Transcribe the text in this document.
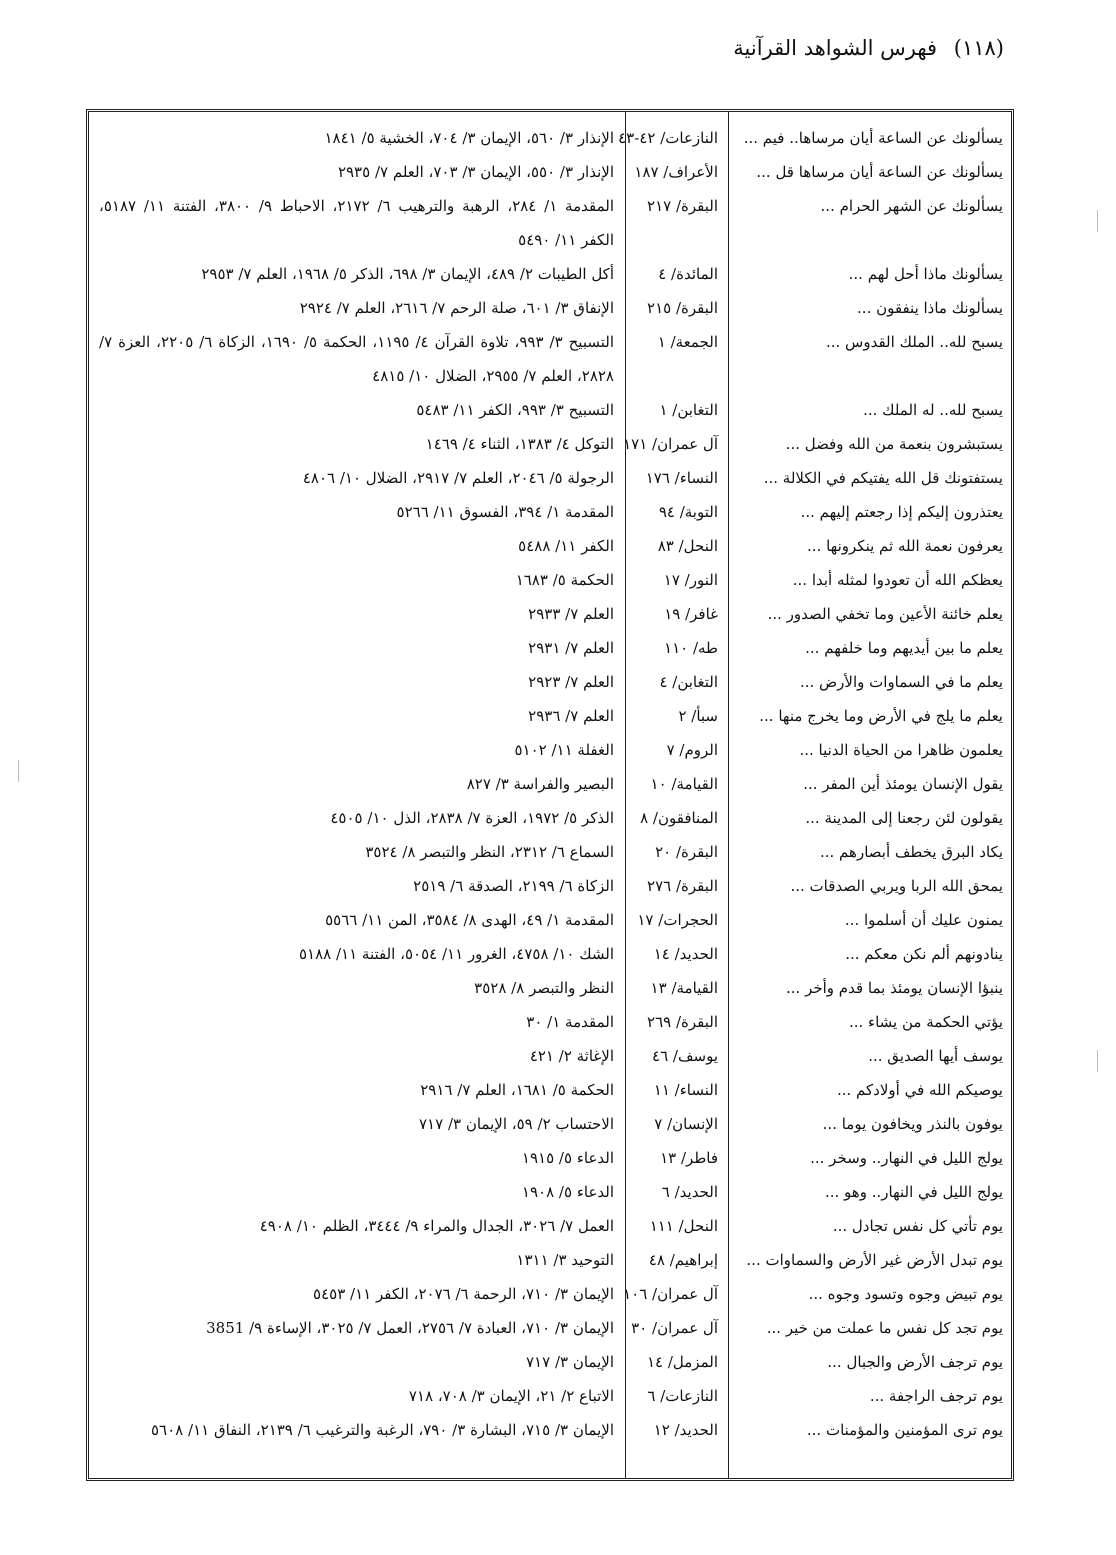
(١١٨) فهرس الشواهد القرآنية
يسألونك عن الساعة أيان مرساها.. فيم ...
النازعات/ ٤٢-٤٣
الإنذار ٣/ ٥٦٠، الإيمان ٣/ ٧٠٤، الخشية ٥/ ١٨٤١
يسألونك عن الساعة أيان مرساها قل ...
الأعراف/ ١٨٧
الإنذار ٣/ ٥٥٠، الإيمان ٣/ ٧٠٣، العلم ٧/ ٢٩٣٥
يسألونك عن الشهر الحرام ...
البقرة/ ٢١٧
المقدمة ١/ ٢٨٤، الرهبة والترهيب ٦/ ٢١٧٢، الاحباط ٩/ ٣٨٠٠، الفتنة ١١/ ٥١٨٧، الكفر ١١/ ٥٤٩٠
يسألونك ماذا أحل لهم ...
المائدة/ ٤
أكل الطيبات ٢/ ٤٨٩، الإيمان ٣/ ٦٩٨، الذكر ٥/ ١٩٦٨، العلم ٧/ ٢٩٥٣
يسألونك ماذا ينفقون ...
البقرة/ ٢١٥
الإنفاق ٣/ ٦٠١، صلة الرحم ٧/ ٢٦١٦، العلم ٧/ ٢٩٢٤
يسبح لله.. الملك القدوس ...
الجمعة/ ١
التسبيح ٣/ ٩٩٣، تلاوة القرآن ٤/ ١١٩٥، الحكمة ٥/ ١٦٩٠، الزكاة ٦/ ٢٢٠٥، العزة ٧/ ٢٨٢٨، العلم ٧/ ٢٩٥٥، الضلال ١٠/ ٤٨١٥
يسبح لله.. له الملك ...
التغابن/ ١
التسبيح ٣/ ٩٩٣، الكفر ١١/ ٥٤٨٣
يستبشرون بنعمة من الله وفضل ...
آل عمران/ ١٧١
التوكل ٤/ ١٣٨٣، الثناء ٤/ ١٤٦٩
يستفتونك قل الله يفتيكم في الكلالة ...
النساء/ ١٧٦
الرجولة ٥/ ٢٠٤٦، العلم ٧/ ٢٩١٧، الضلال ١٠/ ٤٨٠٦
يعتذرون إليكم إذا رجعتم إليهم ...
التوبة/ ٩٤
المقدمة ١/ ٣٩٤، الفسوق ١١/ ٥٢٦٦
يعرفون نعمة الله ثم ينكرونها ...
النحل/ ٨٣
الكفر ١١/ ٥٤٨٨
يعظكم الله أن تعودوا لمثله أبدا ...
النور/ ١٧
الحكمة ٥/ ١٦٨٣
يعلم خائنة الأعين وما تخفي الصدور ...
غافر/ ١٩
العلم ٧/ ٢٩٣٣
يعلم ما بين أيديهم وما خلفهم ...
طه/ ١١٠
العلم ٧/ ٢٩٣١
يعلم ما في السماوات والأرض ...
التغابن/ ٤
العلم ٧/ ٢٩٢٣
يعلم ما يلج في الأرض وما يخرج منها ...
سبأ/ ٢
العلم ٧/ ٢٩٣٦
يعلمون ظاهرا من الحياة الدنيا ...
الروم/ ٧
الغفلة ١١/ ٥١٠٢
يقول الإنسان يومئذ أين المفر ...
القيامة/ ١٠
البصير والفراسة ٣/ ٨٢٧
يقولون لئن رجعنا إلى المدينة ...
المنافقون/ ٨
الذكر ٥/ ١٩٧٢، العزة ٧/ ٢٨٣٨، الذل ١٠/ ٤٥٠٥
يكاد البرق يخطف أبصارهم ...
البقرة/ ٢٠
السماع ٦/ ٢٣١٢، النظر والتبصر ٨/ ٣٥٢٤
يمحق الله الربا ويربي الصدقات ...
البقرة/ ٢٧٦
الزكاة ٦/ ٢١٩٩، الصدقة ٦/ ٢٥١٩
يمنون عليك أن أسلموا ...
الحجرات/ ١٧
المقدمة ١/ ٤٩، الهدى ٨/ ٣٥٨٤، المن ١١/ ٥٥٦٦
ينادونهم ألم نكن معكم ...
الحديد/ ١٤
الشك ١٠/ ٤٧٥٨، الغرور ١١/ ٥٠٥٤، الفتنة ١١/ ٥١٨٨
ينبؤا الإنسان يومئذ بما قدم وأخر ...
القيامة/ ١٣
النظر والتبصر ٨/ ٣٥٢٨
يؤتي الحكمة من يشاء ...
البقرة/ ٢٦٩
المقدمة ١/ ٣٠
يوسف أيها الصديق ...
يوسف/ ٤٦
الإغاثة ٢/ ٤٢١
يوصيكم الله في أولادكم ...
النساء/ ١١
الحكمة ٥/ ١٦٨١، العلم ٧/ ٢٩١٦
يوفون بالنذر ويخافون يوما ...
الإنسان/ ٧
الاحتساب ٢/ ٥٩، الإيمان ٣/ ٧١٧
يولج الليل في النهار.. وسخر ...
فاطر/ ١٣
الدعاء ٥/ ١٩١٥
يولج الليل في النهار.. وهو ...
الحديد/ ٦
الدعاء ٥/ ١٩٠٨
يوم تأتي كل نفس تجادل ...
النحل/ ١١١
العمل ٧/ ٣٠٢٦، الجدال والمراء ٩/ ٣٤٤٤، الظلم ١٠/ ٤٩٠٨
يوم تبدل الأرض غير الأرض والسماوات ...
إبراهيم/ ٤٨
التوحيد ٣/ ١٣١١
يوم تبيض وجوه وتسود وجوه ...
آل عمران/ ١٠٦
الإيمان ٣/ ٧١٠، الرحمة ٦/ ٢٠٧٦، الكفر ١١/ ٥٤٥٣
يوم تجد كل نفس ما عملت من خير ...
آل عمران/ ٣٠
الإيمان ٣/ ٧١٠، العبادة ٧/ ٢٧٥٦، العمل ٧/ ٣٠٢٥، الإساءة ٩/ 3851
يوم ترجف الأرض والجبال ...
المزمل/ ١٤
الإيمان ٣/ ٧١٧
يوم ترجف الراجفة ...
النازعات/ ٦
الاتباع ٢/ ٢١، الإيمان ٣/ ٧٠٨، ٧١٨
يوم ترى المؤمنين والمؤمنات ...
الحديد/ ١٢
الإيمان ٣/ ٧١٥، البشارة ٣/ ٧٩٠، الرغبة والترغيب ٦/ ٢١٣٩، النفاق ١١/ ٥٦٠٨
